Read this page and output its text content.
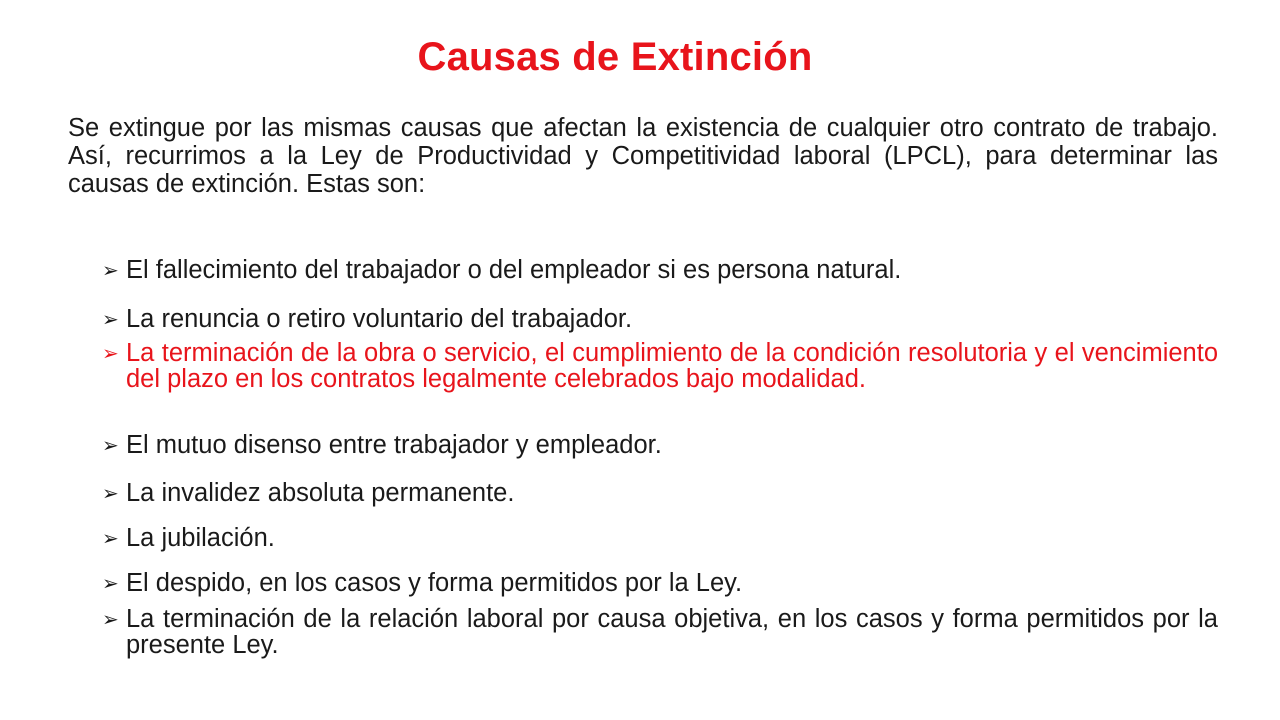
Causas de Extinción
Se extingue por las mismas causas que afectan la existencia de cualquier otro contrato de trabajo. Así, recurrimos a la Ley de Productividad y Competitividad laboral (LPCL), para determinar las causas de extinción. Estas son:
➢ El fallecimiento del trabajador o del empleador si es persona natural.
➢ La renuncia o retiro voluntario del trabajador.
➢ La terminación de la obra o servicio, el cumplimiento de la condición resolutoria y el vencimiento del plazo en los contratos legalmente celebrados bajo modalidad.
➢ El mutuo disenso entre trabajador y empleador.
➢ La invalidez absoluta permanente.
➢ La jubilación.
➢ El despido, en los casos y forma permitidos por la Ley.
➢ La terminación de la relación laboral por causa objetiva, en los casos y forma permitidos por la presente Ley.
